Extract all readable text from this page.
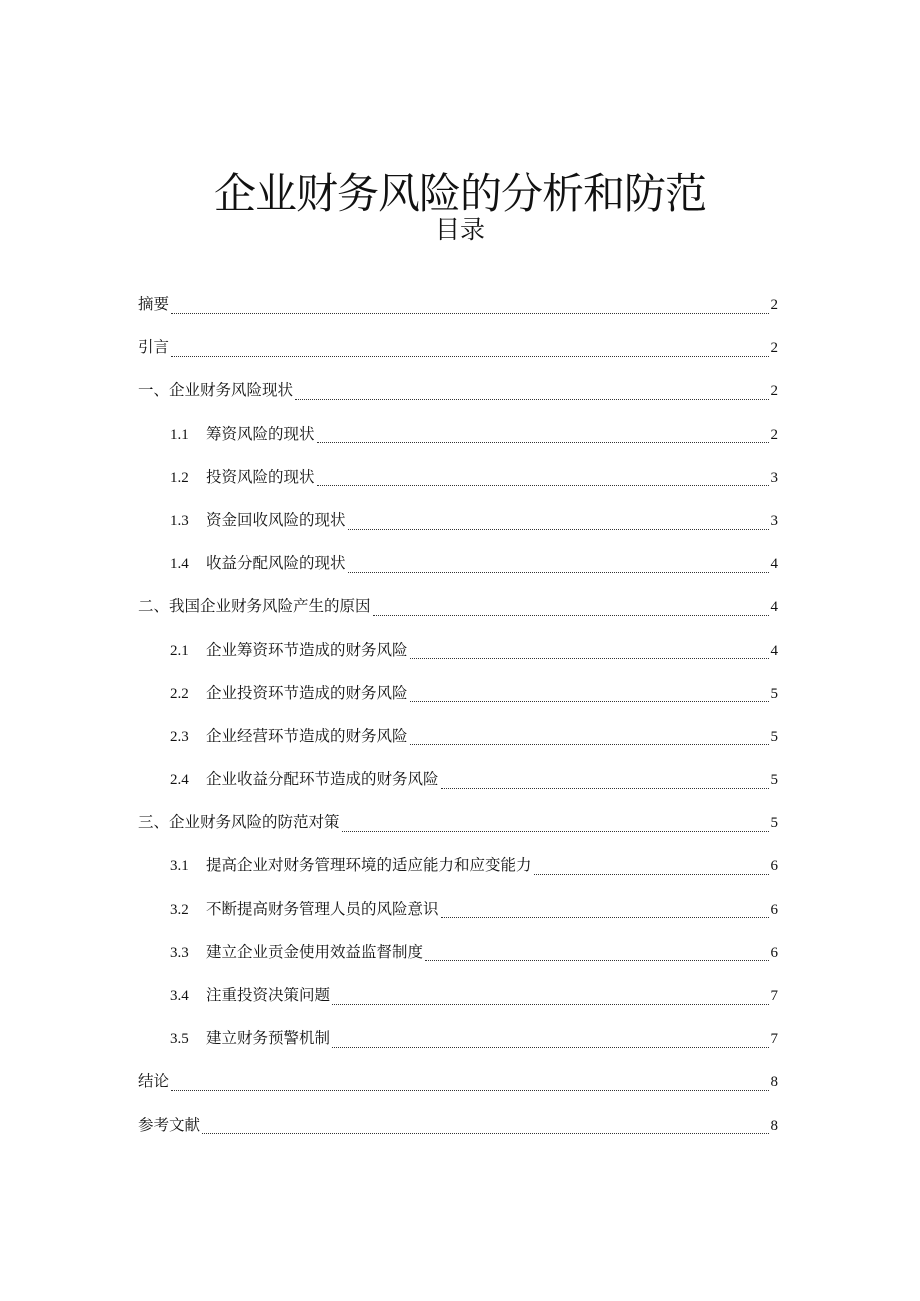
企业财务风险的分析和防范
目录
摘要	2
引言	2
一、企业财务风险现状	2
1.1	筹资风险的现状	2
1.2	投资风险的现状	3
1.3	资金回收风险的现状	3
1.4	收益分配风险的现状	4
二、我国企业财务风险产生的原因	4
2.1	企业筹资环节造成的财务风险	4
2.2	企业投资环节造成的财务风险	5
2.3	企业经营环节造成的财务风险	5
2.4	企业收益分配环节造成的财务风险	5
三、企业财务风险的防范对策	5
3.1	提高企业对财务管理环境的适应能力和应变能力	6
3.2	不断提高财务管理人员的风险意识	6
3.3	建立企业贡金使用效益监督制度	6
3.4	注重投资决策问题	7
3.5	建立财务预警机制	7
结论	8
参考文献	8
